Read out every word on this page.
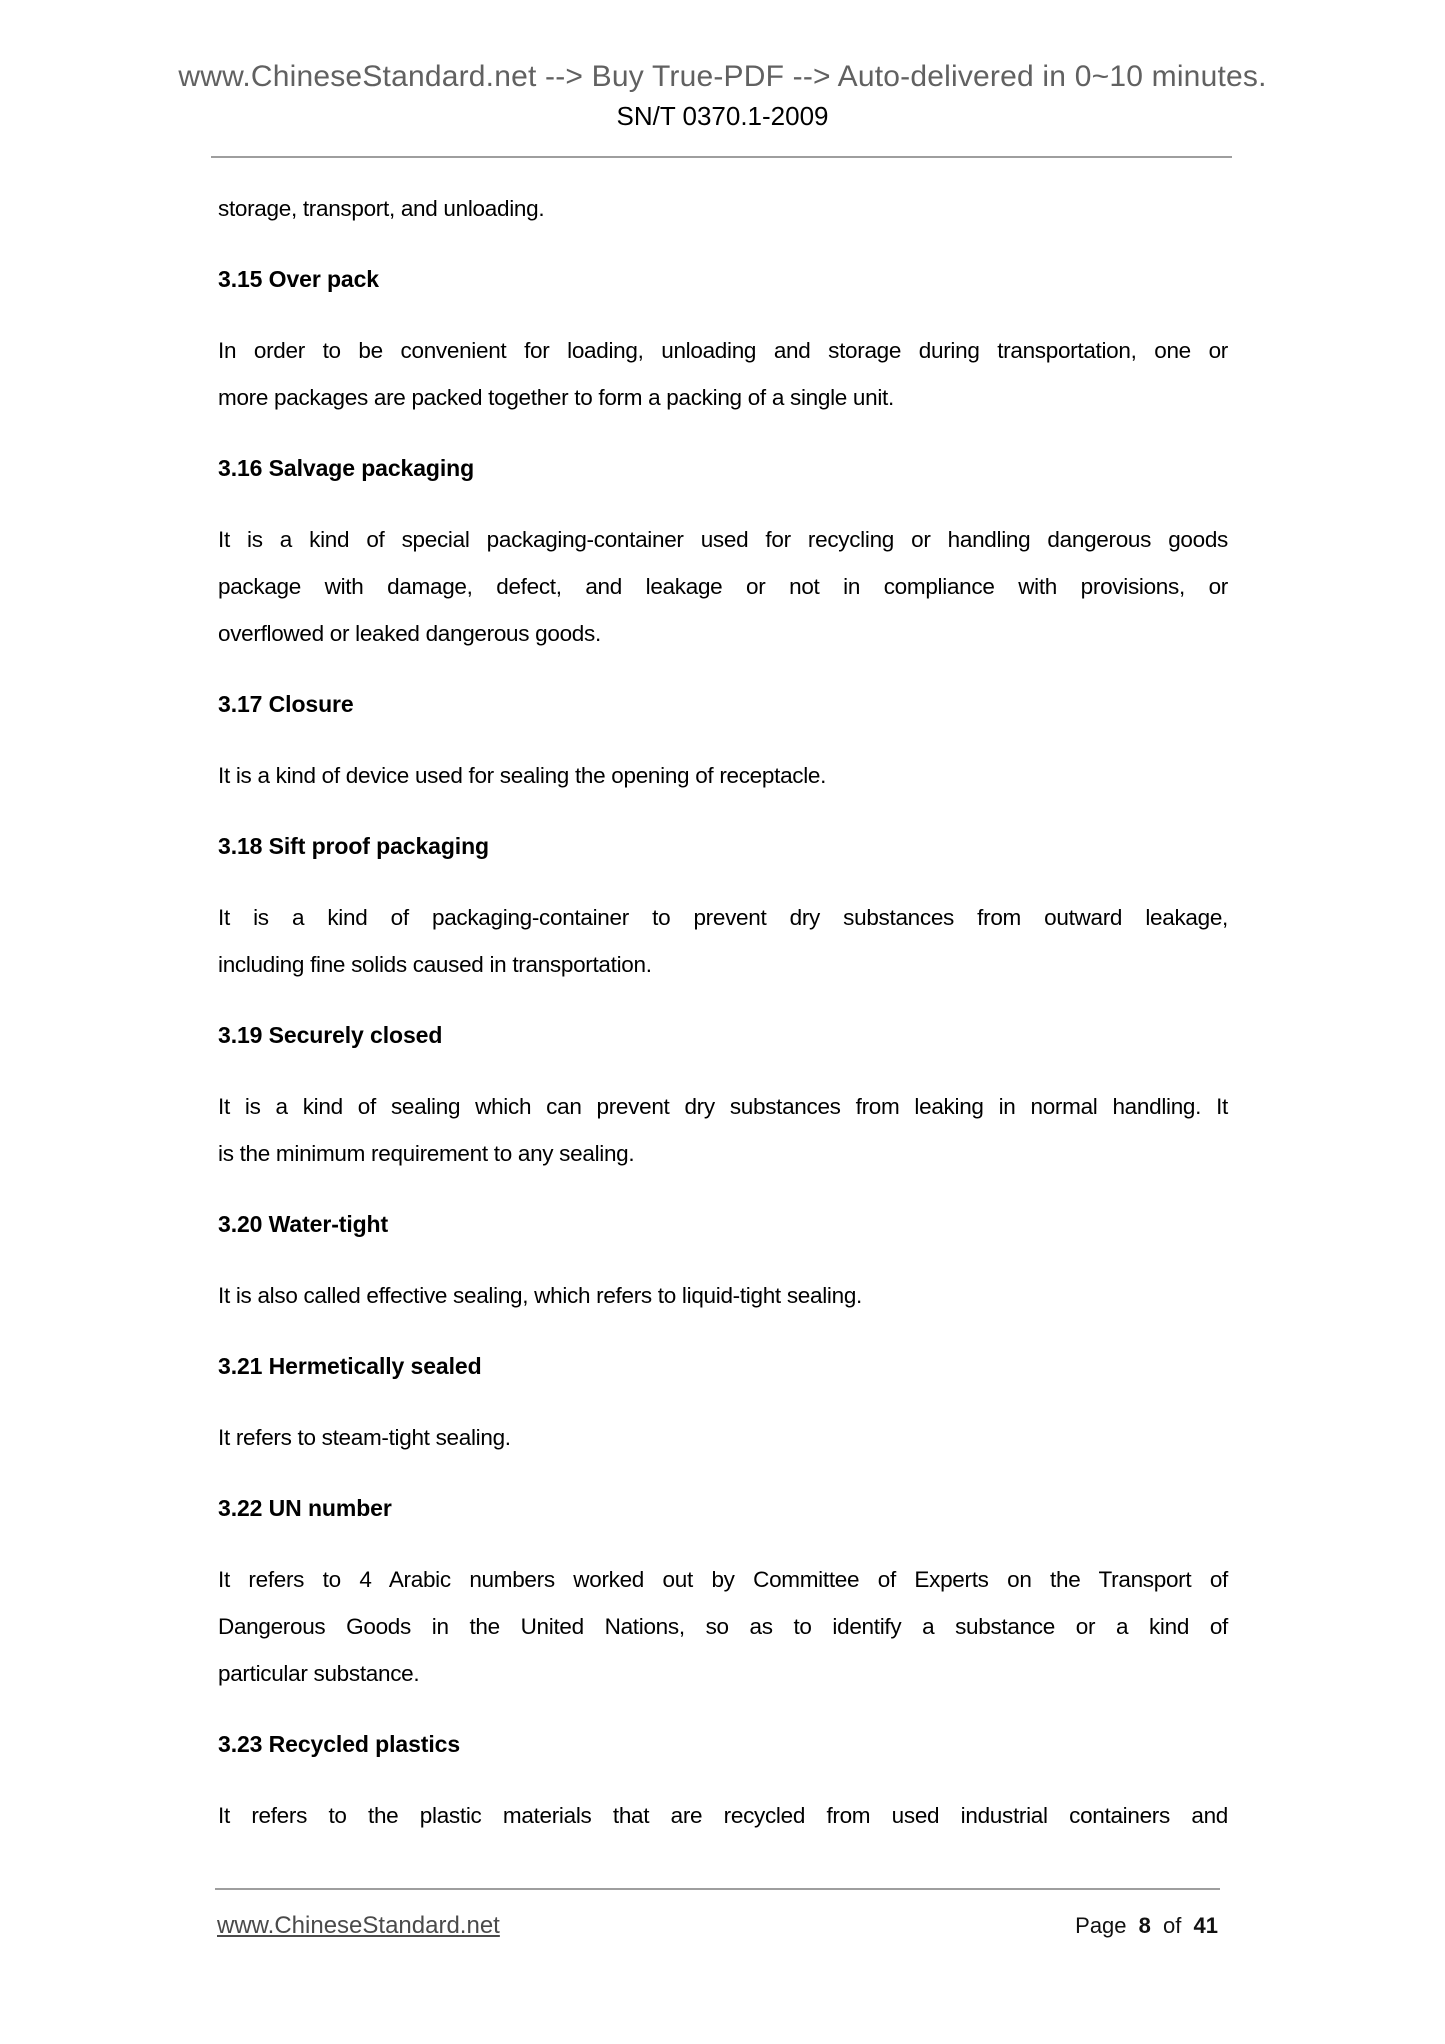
www.ChineseStandard.net --> Buy True-PDF --> Auto-delivered in 0~10 minutes.
SN/T 0370.1-2009
storage, transport, and unloading.
3.15 Over pack
In order to be convenient for loading, unloading and storage during transportation, one or
more packages are packed together to form a packing of a single unit.
3.16 Salvage packaging
It is a kind of special packaging-container used for recycling or handling dangerous goods
package with damage, defect, and leakage or not in compliance with provisions, or
overflowed or leaked dangerous goods.
3.17 Closure
It is a kind of device used for sealing the opening of receptacle.
3.18 Sift proof packaging
It is a kind of packaging-container to prevent dry substances from outward leakage,
including fine solids caused in transportation.
3.19 Securely closed
It is a kind of sealing which can prevent dry substances from leaking in normal handling. It
is the minimum requirement to any sealing.
3.20 Water-tight
It is also called effective sealing, which refers to liquid-tight sealing.
3.21 Hermetically sealed
It refers to steam-tight sealing.
3.22 UN number
It refers to 4 Arabic numbers worked out by Committee of Experts on the Transport of
Dangerous Goods in the United Nations, so as to identify a substance or a kind of
particular substance.
3.23 Recycled plastics
It refers to the plastic materials that are recycled from used industrial containers and
www.ChineseStandard.net	Page 8 of 41
